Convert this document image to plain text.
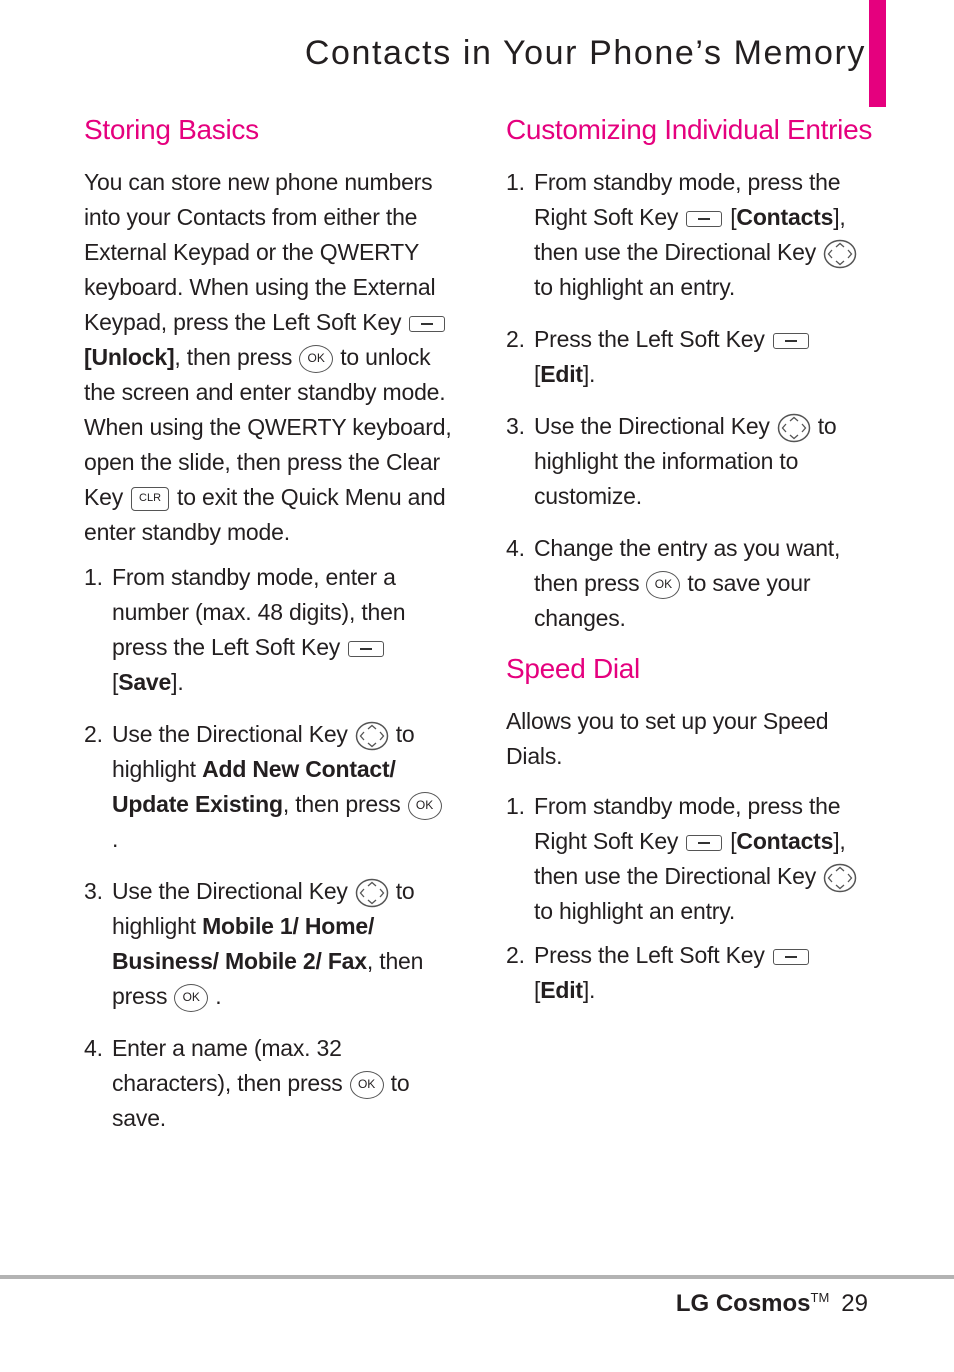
Contacts in Your Phone’s Memory
Storing Basics

You can store new phone numbers into your Contacts from either the External Keypad or the QWERTY keyboard. When using the External Keypad, press the Left Soft Key[Unlock], then press OK to unlock the screen and enter standby mode. When using the QWERTY keyboard, open the slide, then press the Clear Key CLR to exit the Quick Menu and enter standby mode.

1. From standby mode, enter a number (max. 48 digits), then press the Left Soft Key[Save].
2. Use the Directional Key to highlight Add New Contact/ Update Existing, then press OK.
3. Use the Directional Key to highlight Mobile 1/ Home/ Business/ Mobile 2/ Fax, then press OK .
4. Enter a name (max. 32 characters), then press OK to save.
Customizing Individual Entries
1. From standby mode, press the Right Soft Key [Contacts], then use the Directional Keyto highlight an entry.
2. Press the Left Soft Key[Edit].
3. Use the Directional Key to highlight the information to customize.
4. Change the entry as you want, then press OK to save your changes.
Speed Dial

Allows you to set up your Speed Dials.

1. From standby mode, press the Right Soft Key [Contacts], then use the Directional Keyto highlight an entry.
2. Press the Left Soft Key[Edit].
LG Cosmos™ 29
